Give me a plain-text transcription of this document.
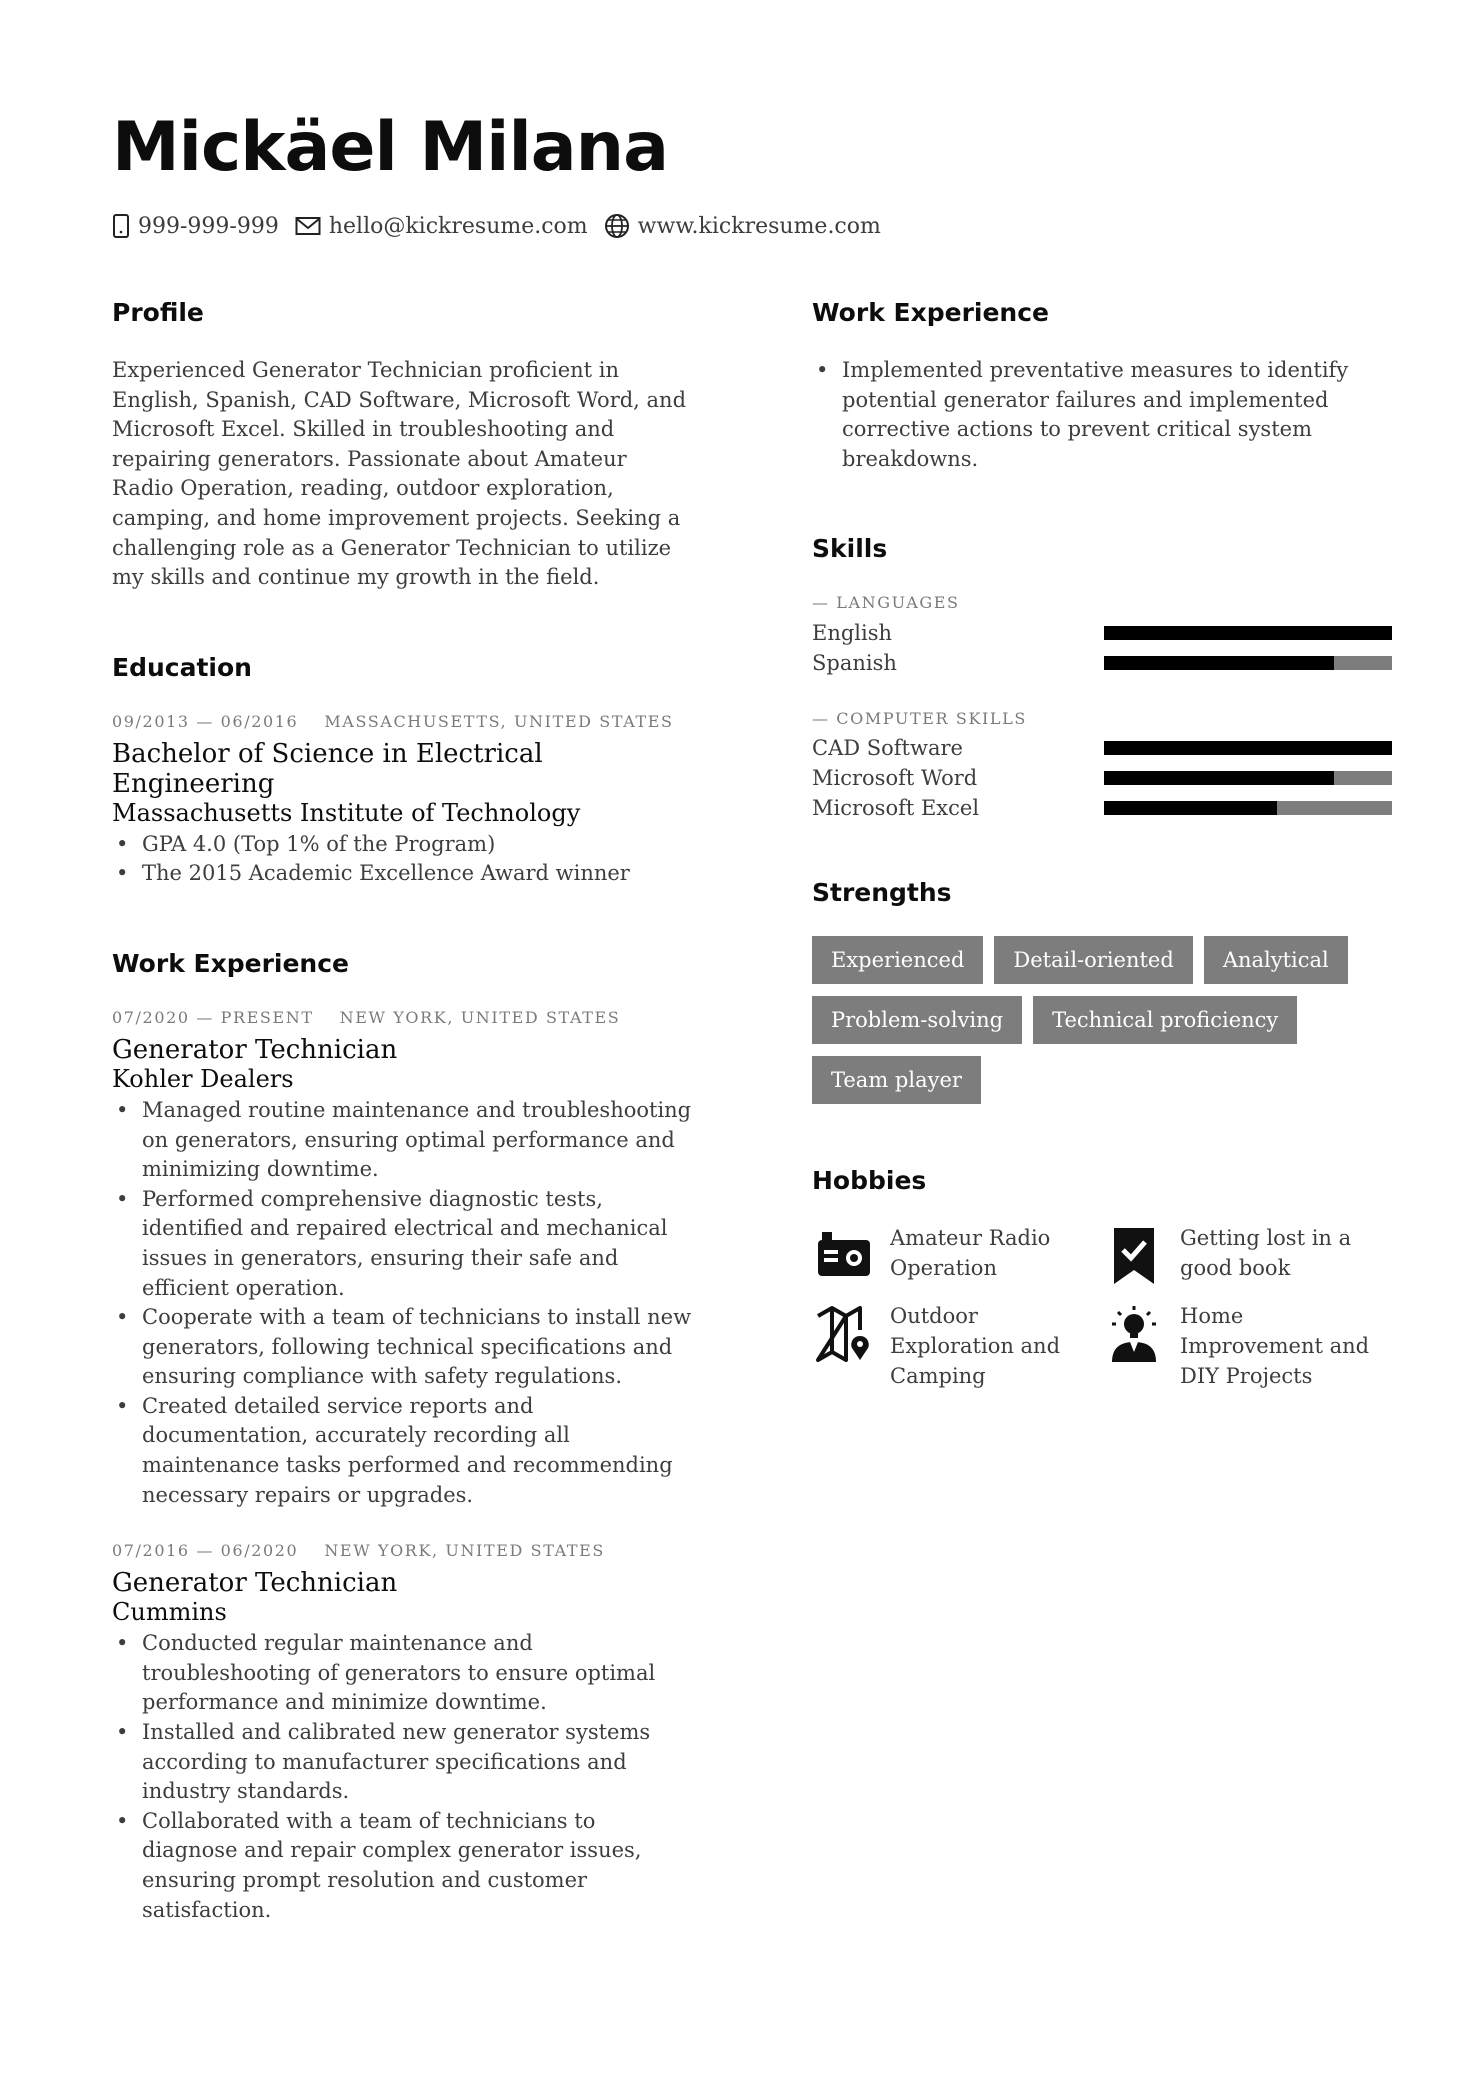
Mickäel Milana
999-999-999 hello@kickresume.com www.kickresume.com
Profile

Experienced Generator Technician proficient in English, Spanish, CAD Software, Microsoft Word, and Microsoft Excel. Skilled in troubleshooting and repairing generators. Passionate about Amateur Radio Operation, reading, outdoor exploration, camping, and home improvement projects. Seeking a challenging role as a Generator Technician to utilize my skills and continue my growth in the field.

Education
09/2013 — 06/2016 MASSACHUSETTS, UNITED STATES
Bachelor of Science in Electrical Engineering
Massachusetts Institute of Technology
• GPA 4.0 (Top 1% of the Program)
• The 2015 Academic Excellence Award winner
Work Experience
07/2020 — PRESENT NEW YORK, UNITED STATES
Generator Technician
Kohler Dealers
• Managed routine maintenance and troubleshooting on generators, ensuring optimal performance and minimizing downtime.
• Performed comprehensive diagnostic tests, identified and repaired electrical and mechanical issues in generators, ensuring their safe and efficient operation.
• Cooperate with a team of technicians to install new generators, following technical specifications and ensuring compliance with safety regulations.
• Created detailed service reports and documentation, accurately recording all maintenance tasks performed and recommending necessary repairs or upgrades.
07/2016 — 06/2020 NEW YORK, UNITED STATES
Generator Technician
Cummins
• Conducted regular maintenance and troubleshooting of generators to ensure optimal performance and minimize downtime.
• Installed and calibrated new generator systems according to manufacturer specifications and industry standards.
• Collaborated with a team of technicians to diagnose and repair complex generator issues, ensuring prompt resolution and customer satisfaction.
Work Experience
• Implemented preventative measures to identify potential generator failures and implemented corrective actions to prevent critical system breakdowns.
Skills
— LANGUAGES
English
Spanish
— COMPUTER SKILLS
CAD Software
Microsoft Word
Microsoft Excel
Strengths
Experienced	Detail-oriented	Analytical
Problem-solving	Technical proficiency
Team player
Hobbies
Amateur Radio Operation
Getting lost in a good book
Outdoor Exploration and Camping
Home Improvement and DIY Projects
